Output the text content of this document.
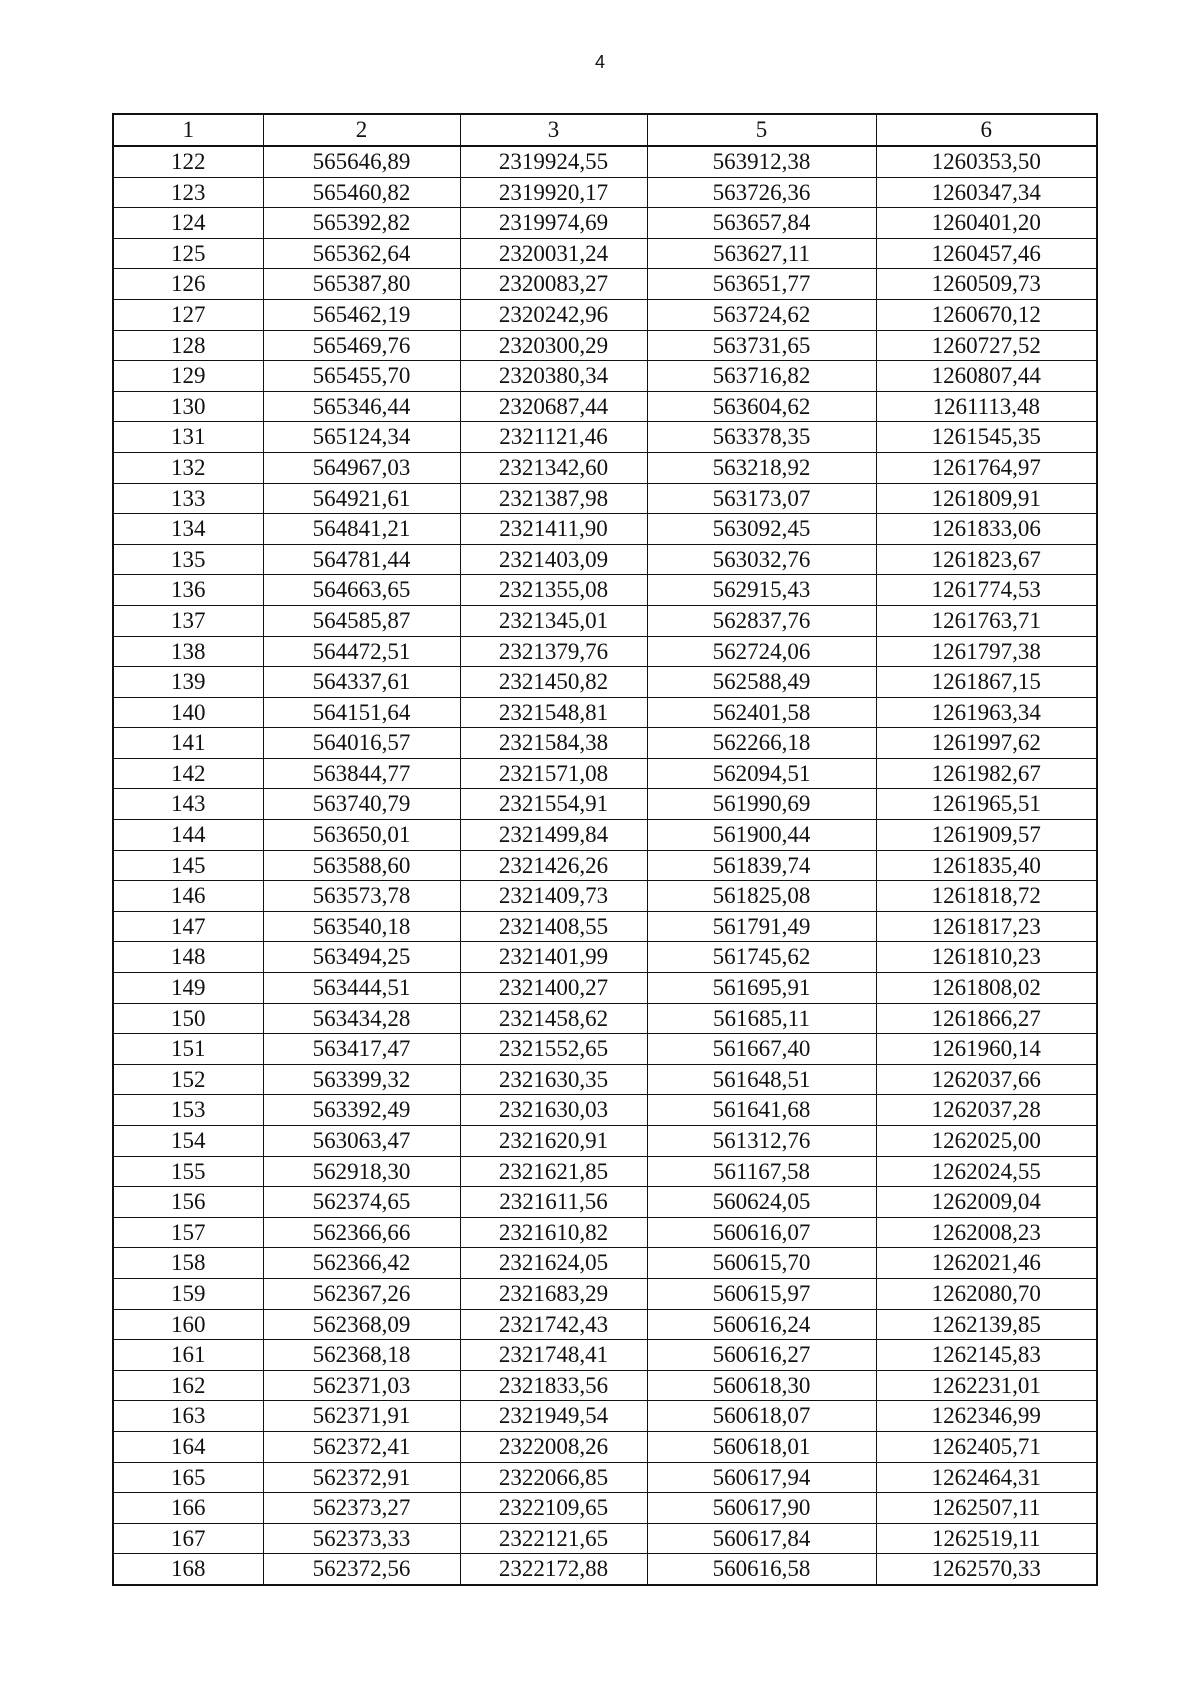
4
1	2	3	5	6
122	565646,89	2319924,55	563912,38	1260353,50
123	565460,82	2319920,17	563726,36	1260347,34
124	565392,82	2319974,69	563657,84	1260401,20
125	565362,64	2320031,24	563627,11	1260457,46
126	565387,80	2320083,27	563651,77	1260509,73
127	565462,19	2320242,96	563724,62	1260670,12
128	565469,76	2320300,29	563731,65	1260727,52
129	565455,70	2320380,34	563716,82	1260807,44
130	565346,44	2320687,44	563604,62	1261113,48
131	565124,34	2321121,46	563378,35	1261545,35
132	564967,03	2321342,60	563218,92	1261764,97
133	564921,61	2321387,98	563173,07	1261809,91
134	564841,21	2321411,90	563092,45	1261833,06
135	564781,44	2321403,09	563032,76	1261823,67
136	564663,65	2321355,08	562915,43	1261774,53
137	564585,87	2321345,01	562837,76	1261763,71
138	564472,51	2321379,76	562724,06	1261797,38
139	564337,61	2321450,82	562588,49	1261867,15
140	564151,64	2321548,81	562401,58	1261963,34
141	564016,57	2321584,38	562266,18	1261997,62
142	563844,77	2321571,08	562094,51	1261982,67
143	563740,79	2321554,91	561990,69	1261965,51
144	563650,01	2321499,84	561900,44	1261909,57
145	563588,60	2321426,26	561839,74	1261835,40
146	563573,78	2321409,73	561825,08	1261818,72
147	563540,18	2321408,55	561791,49	1261817,23
148	563494,25	2321401,99	561745,62	1261810,23
149	563444,51	2321400,27	561695,91	1261808,02
150	563434,28	2321458,62	561685,11	1261866,27
151	563417,47	2321552,65	561667,40	1261960,14
152	563399,32	2321630,35	561648,51	1262037,66
153	563392,49	2321630,03	561641,68	1262037,28
154	563063,47	2321620,91	561312,76	1262025,00
155	562918,30	2321621,85	561167,58	1262024,55
156	562374,65	2321611,56	560624,05	1262009,04
157	562366,66	2321610,82	560616,07	1262008,23
158	562366,42	2321624,05	560615,70	1262021,46
159	562367,26	2321683,29	560615,97	1262080,70
160	562368,09	2321742,43	560616,24	1262139,85
161	562368,18	2321748,41	560616,27	1262145,83
162	562371,03	2321833,56	560618,30	1262231,01
163	562371,91	2321949,54	560618,07	1262346,99
164	562372,41	2322008,26	560618,01	1262405,71
165	562372,91	2322066,85	560617,94	1262464,31
166	562373,27	2322109,65	560617,90	1262507,11
167	562373,33	2322121,65	560617,84	1262519,11
168	562372,56	2322172,88	560616,58	1262570,33
